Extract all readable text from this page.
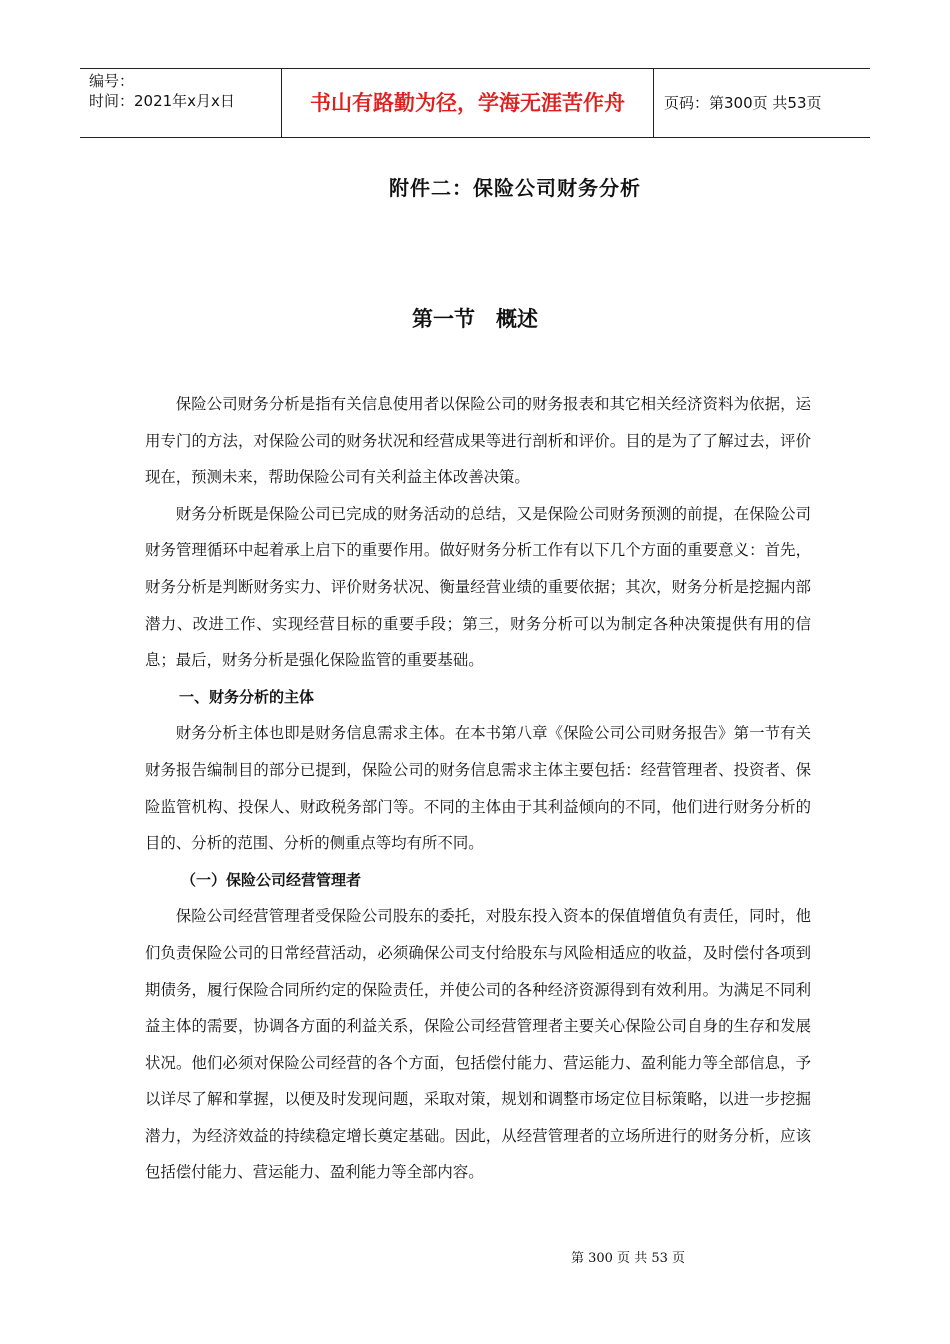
编号：
时间：2021年x月x日	书山有路勤为径，学海无涯苦作舟	页码：第300页 共53页
附件二：保险公司财务分析
第一节　概述

保险公司财务分析是指有关信息使用者以保险公司的财务报表和其它相关经济资料为依据，运用专门的方法，对保险公司的财务状况和经营成果等进行剖析和评价。目的是为了了解过去，评价现在，预测未来，帮助保险公司有关利益主体改善决策。

财务分析既是保险公司已完成的财务活动的总结，又是保险公司财务预测的前提，在保险公司财务管理循环中起着承上启下的重要作用。做好财务分析工作有以下几个方面的重要意义：首先，财务分析是判断财务实力、评价财务状况、衡量经营业绩的重要依据；其次，财务分析是挖掘内部潜力、改进工作、实现经营目标的重要手段；第三，财务分析可以为制定各种决策提供有用的信息；最后，财务分析是强化保险监管的重要基础。

一、财务分析的主体

财务分析主体也即是财务信息需求主体。在本书第八章《保险公司公司财务报告》第一节有关财务报告编制目的部分已提到，保险公司的财务信息需求主体主要包括：经营管理者、投资者、保险监管机构、投保人、财政税务部门等。不同的主体由于其利益倾向的不同，他们进行财务分析的目的、分析的范围、分析的侧重点等均有所不同。

（一）保险公司经营管理者

保险公司经营管理者受保险公司股东的委托，对股东投入资本的保值增值负有责任，同时，他们负责保险公司的日常经营活动，必须确保公司支付给股东与风险相适应的收益，及时偿付各项到期债务，履行保险合同所约定的保险责任，并使公司的各种经济资源得到有效利用。为满足不同利益主体的需要，协调各方面的利益关系，保险公司经营管理者主要关心保险公司自身的生存和发展状况。他们必须对保险公司经营的各个方面，包括偿付能力、营运能力、盈利能力等全部信息，予以详尽了解和掌握，以便及时发现问题，采取对策，规划和调整市场定位目标策略，以进一步挖掘潜力，为经济效益的持续稳定增长奠定基础。因此，从经营管理者的立场所进行的财务分析，应该包括偿付能力、营运能力、盈利能力等全部内容。

第 300 页 共 53 页
